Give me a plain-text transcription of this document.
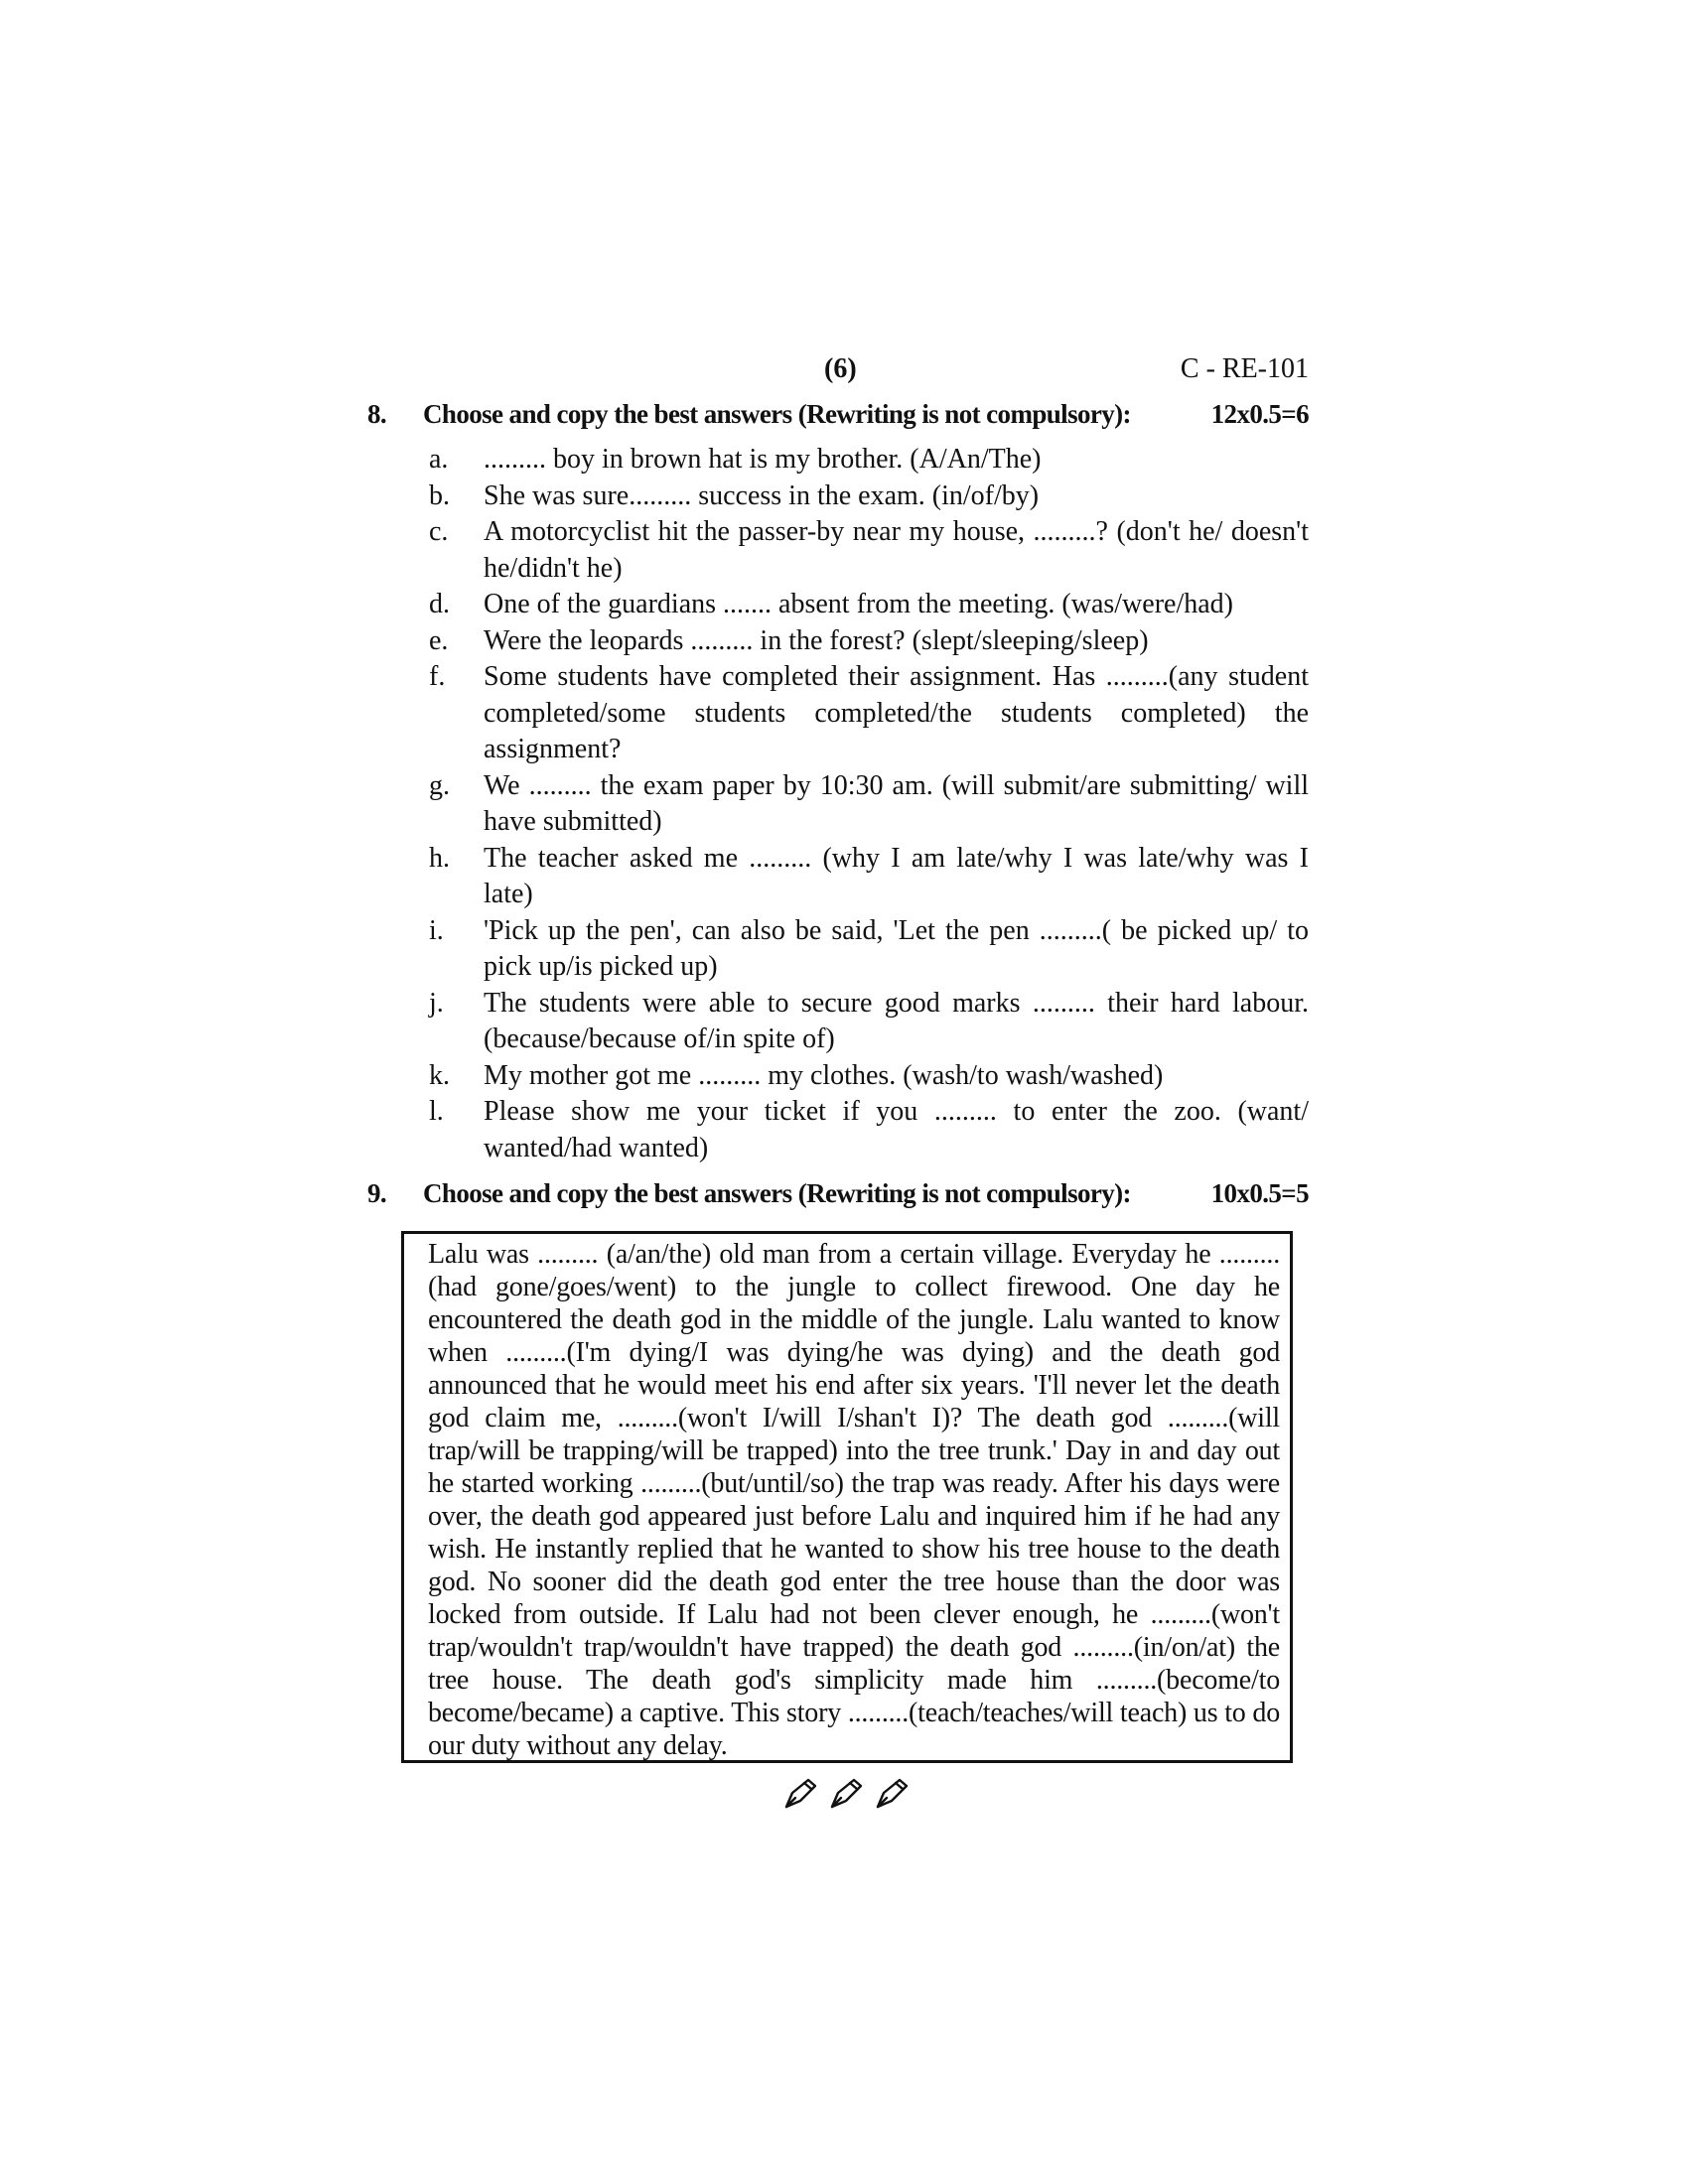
(6)	C - RE-101
8.	Choose and copy the best answers (Rewriting is not compulsory):	12x0.5=6
a.	......... boy in brown hat is my brother. (A/An/The)
b.	She was sure......... success in the exam. (in/of/by)
c.	A motorcyclist hit the passer-by near my house, .........? (don't he/ doesn't he/didn't he)
d.	One of the guardians ....... absent from the meeting. (was/were/had)
e.	Were the leopards ......... in the forest? (slept/sleeping/sleep)
f.	Some students have completed their assignment. Has .........(any student completed/some students completed/the students completed) the assignment?
g.	We ......... the exam paper by 10:30 am. (will submit/are submitting/ will have submitted)
h.	The teacher asked me ......... (why I am late/why I was late/why was I late)
i.	'Pick up the pen', can also be said, 'Let the pen .........( be picked up/ to pick up/is picked up)
j.	The students were able to secure good marks ......... their hard labour. (because/because of/in spite of)
k.	My mother got me ......... my clothes. (wash/to wash/washed)
l.	Please show me your ticket if you ......... to enter the zoo. (want/ wanted/had wanted)
9.	Choose and copy the best answers (Rewriting is not compulsory):	10x0.5=5

Lalu was ......... (a/an/the) old man from a certain village. Everyday he ......... (had gone/goes/went) to the jungle to collect firewood. One day he encountered the death god in the middle of the jungle. Lalu wanted to know when .........(I'm dying/I was dying/he was dying) and the death god announced that he would meet his end after six years. 'I'll never let the death god claim me, .........(won't I/will I/shan't I)? The death god .........(will trap/will be trapping/will be trapped) into the tree trunk.' Day in and day out he started working .........(but/until/so) the trap was ready. After his days were over, the death god appeared just before Lalu and inquired him if he had any wish. He instantly replied that he wanted to show his tree house to the death god. No sooner did the death god enter the tree house than the door was locked from outside. If Lalu had not been clever enough, he .........(won't trap/wouldn't trap/wouldn't have trapped) the death god .........(in/on/at) the tree house. The death god's simplicity made him .........(become/to become/became) a captive. This story .........(teach/teaches/will teach) us to do our duty without any delay.
